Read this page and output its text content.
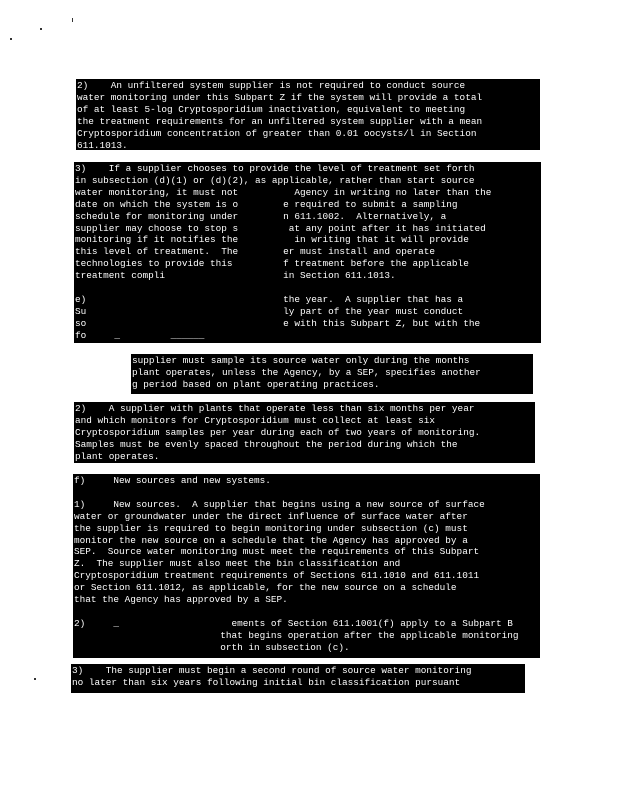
2)    An unfiltered system supplier is not required to conduct source
water monitoring under this Subpart Z if the system will provide a total
of at least 5-log Cryptosporidium inactivation, equivalent to meeting
the treatment requirements for an unfiltered system supplier with a mean
Cryptosporidium concentration of greater than 0.01 oocysts/l in Section
611.1013.
3)    If a supplier chooses to provide the level of treatment set forth
in subsection (d)(1) or (d)(2), as applicable, rather than start source
water monitoring, it must not          Agency in writing no later than the
date on which the system is o        e required to submit a sampling
schedule for monitoring under        n 611.1002.  Alternatively, a
supplier may choose to stop s         at any point after it has initiated
monitoring if it notifies the          in writing that it will provide
this level of treatment.  The        er must install and operate
technologies to provide this         f treatment before the applicable
treatment compli                     in Section 611.1013.

e)                                   the year.  A supplier that has a
Su                                   ly part of the year must conduct
so                                   e with this Subpart Z, but with the
fo     _         ______
supplier must sample its source water only during the months
plant operates, unless the Agency, by a SEP, specifies another
g period based on plant operating practices.
2)    A supplier with plants that operate less than six months per year
and which monitors for Cryptosporidium must collect at least six
Cryptosporidium samples per year during each of two years of monitoring.
Samples must be evenly spaced throughout the period during which the
plant operates.
f)     New sources and new systems.

1)     New sources.  A supplier that begins using a new source of surface
water or groundwater under the direct influence of surface water after
the supplier is required to begin monitoring under subsection (c) must
monitor the new source on a schedule that the Agency has approved by a
SEP.  Source water monitoring must meet the requirements of this Subpart
Z.  The supplier must also meet the bin classification and
Cryptosporidium treatment requirements of Sections 611.1010 and 611.1011
or Section 611.1012, as applicable, for the new source on a schedule
that the Agency has approved by a SEP.

2)     _                    ements of Section 611.1001(f) apply to a Subpart B
that begins operation after the applicable monitoring
orth in subsection (c).
3)    The supplier must begin a second round of source water monitoring
no later than six years following initial bin classification pursuant
